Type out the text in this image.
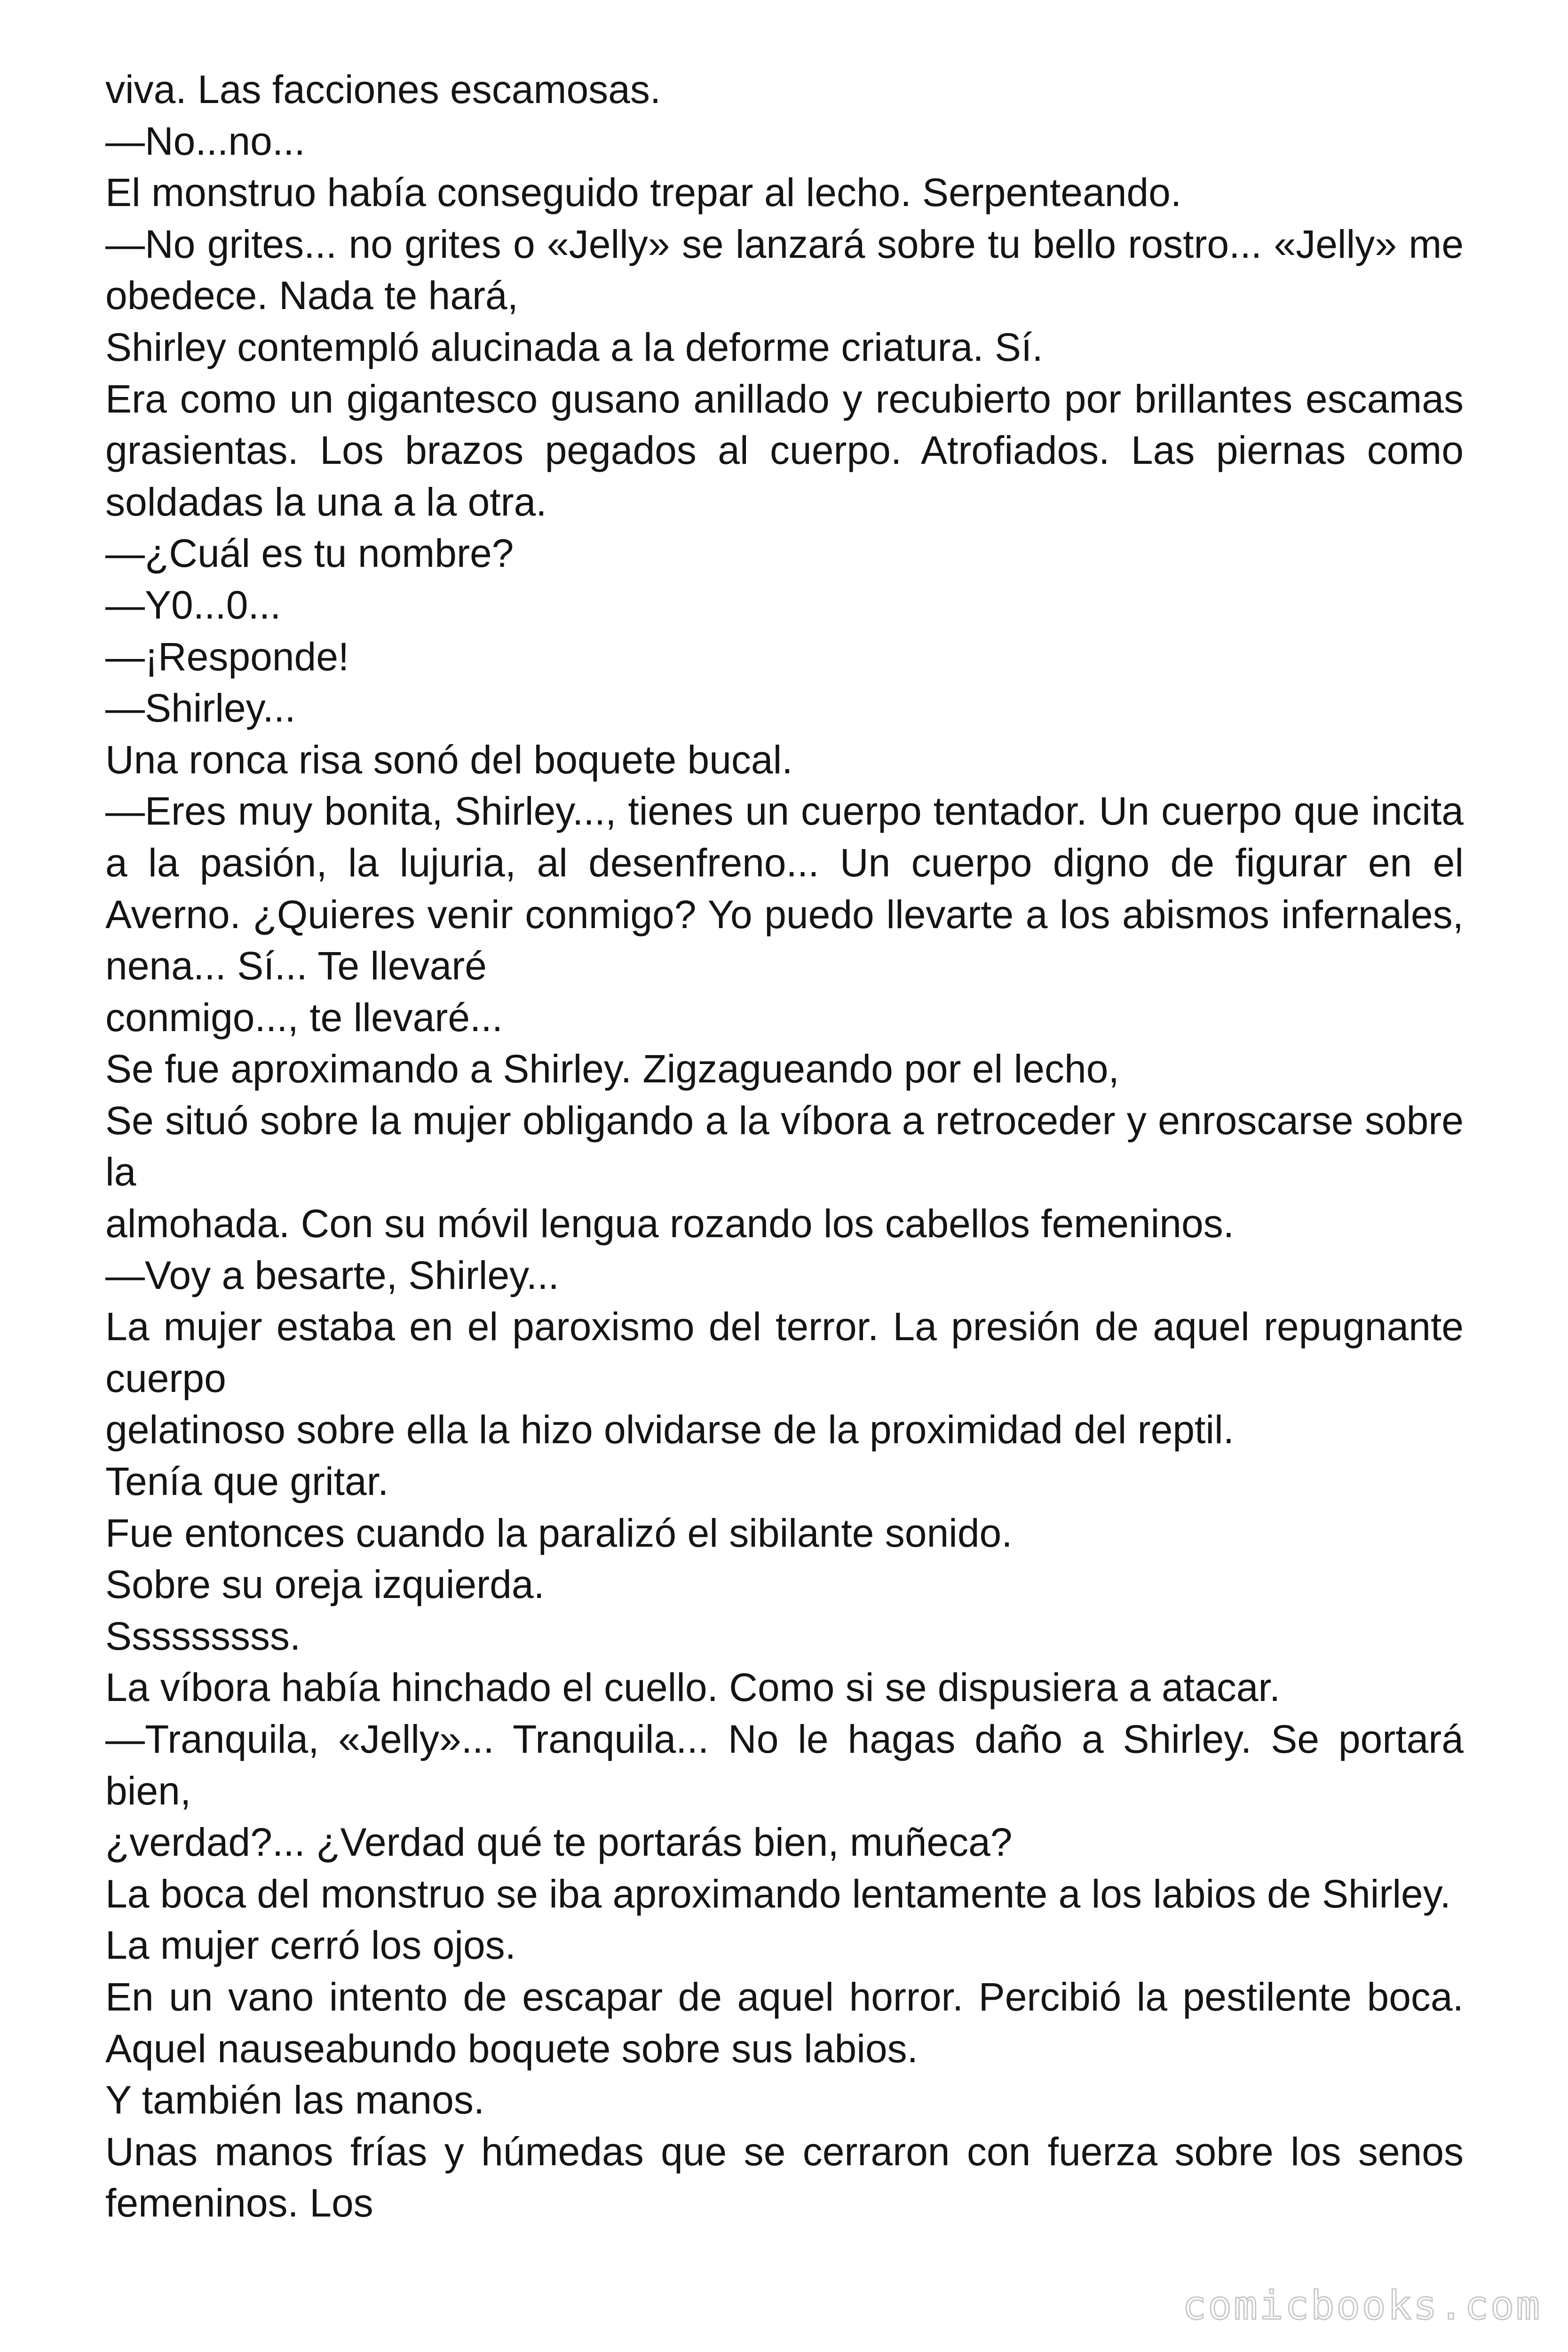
viva. Las facciones escamosas.

—No...no...

El monstruo había conseguido trepar al lecho. Serpenteando.

—No grites... no grites o «Jelly» se lanzará sobre tu bello rostro... «Jelly» me obedece. Nada te hará,

Shirley contempló alucinada a la deforme criatura. Sí.

Era como un gigantesco gusano anillado y recubierto por brillantes escamas grasientas. Los brazos pegados al cuerpo. Atrofiados. Las piernas como soldadas la una a la otra.

—¿Cuál es tu nombre?

—Y0...0...

—¡Responde!

—Shirley...

Una ronca risa sonó del boquete bucal.

—Eres muy bonita, Shirley..., tienes un cuerpo tentador. Un cuerpo que incita a la pasión, la lujuria, al desenfreno... Un cuerpo digno de figurar en el Averno. ¿Quieres venir conmigo? Yo puedo llevarte a los abismos infernales, nena... Sí... Te llevaré

conmigo..., te llevaré...

Se fue aproximando a Shirley. Zigzagueando por el lecho,

Se situó sobre la mujer obligando a la víbora a retroceder y enroscarse sobre la

almohada. Con su móvil lengua rozando los cabellos femeninos.

—Voy a besarte, Shirley...

La mujer estaba en el paroxismo del terror. La presión de aquel repugnante cuerpo

gelatinoso sobre ella la hizo olvidarse de la proximidad del reptil.

Tenía que gritar.

Fue entonces cuando la paralizó el sibilante sonido.

Sobre su oreja izquierda.

Sssssssss.

La víbora había hinchado el cuello. Como si se dispusiera a atacar.

—Tranquila, «Jelly»... Tranquila... No le hagas daño a Shirley. Se portará bien,

¿verdad?... ¿Verdad qué te portarás bien, muñeca?

La boca del monstruo se iba aproximando lentamente a los labios de Shirley.

La mujer cerró los ojos.

En un vano intento de escapar de aquel horror. Percibió la pestilente boca. Aquel nauseabundo boquete sobre sus labios.

Y también las manos.

Unas manos frías y húmedas que se cerraron con fuerza sobre los senos femeninos. Los

comicbooks.com
